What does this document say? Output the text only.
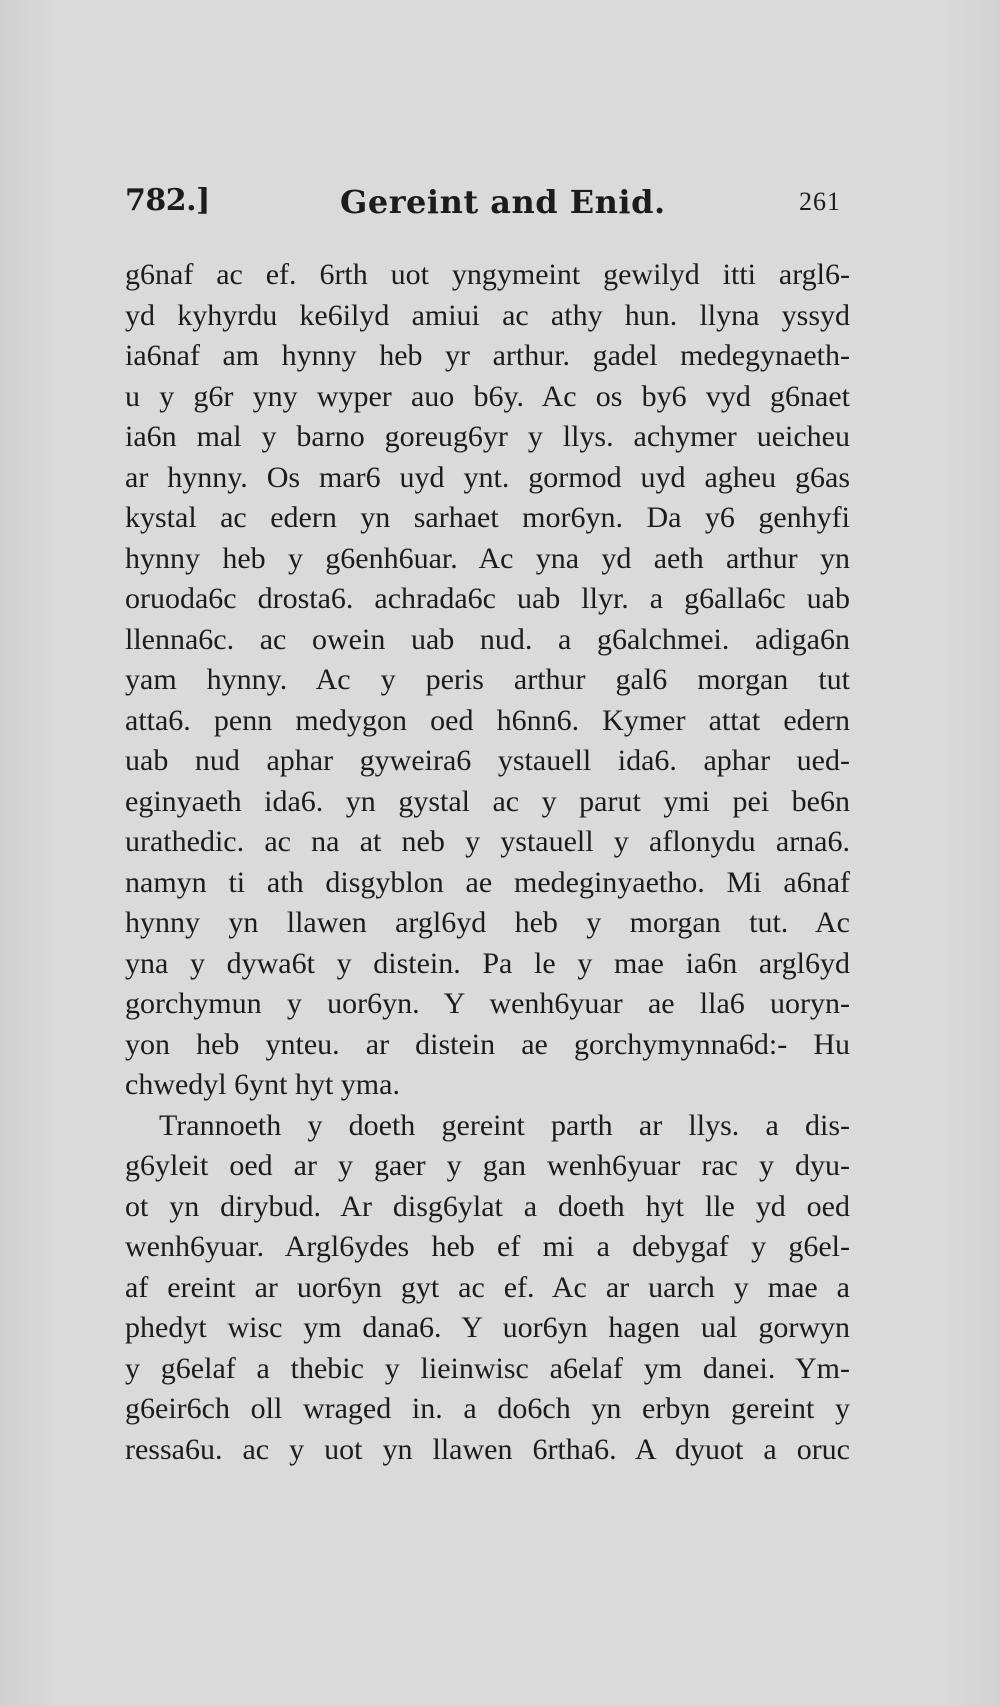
782.]	Gereint and Enid.	261
g6naf ac ef. 6rth uot yngymeint gewilyd itti argl6-
yd kyhyrdu ke6ilyd amiui ac athy hun. llyna yssyd
ia6naf am hynny heb yr arthur. gadel medegynaeth-
u y g6r yny wyper auo b6y. Ac os by6 vyd g6naet
ia6n mal y barno goreug6yr y llys. achymer ueicheu
ar hynny. Os mar6 uyd ynt. gormod uyd agheu g6as
kystal ac edern yn sarhaet mor6yn. Da y6 genhyfi
hynny heb y g6enh6uar. Ac yna yd aeth arthur yn
oruoda6c drosta6. achrada6c uab llyr. a g6alla6c uab
llenna6c. ac owein uab nud. a g6alchmei. adiga6n
yam hynny. Ac y peris arthur gal6 morgan tut
atta6. penn medygon oed h6nn6. Kymer attat edern
uab nud aphar gyweira6 ystauell ida6. aphar ued-
eginyaeth ida6. yn gystal ac y parut ymi pei be6n
urathedic. ac na at neb y ystauell y aflonydu arna6.
namyn ti ath disgyblon ae medeginyaetho. Mi a6naf
hynny yn llawen argl6yd heb y morgan tut. Ac
yna y dywa6t y distein. Pa le y mae ia6n argl6yd
gorchymun y uor6yn. Y wenh6yuar ae lla6 uoryn-
yon heb ynteu. ar distein ae gorchymynna6d:- Hu
chwedyl 6ynt hyt yma.
Trannoeth y doeth gereint parth ar llys. a dis-
g6yleit oed ar y gaer y gan wenh6yuar rac y dyu-
ot yn dirybud. Ar disg6ylat a doeth hyt lle yd oed
wenh6yuar. Argl6ydes heb ef mi a debygaf y g6el-
af ereint ar uor6yn gyt ac ef. Ac ar uarch y mae a
phedyt wisc ym dana6. Y uor6yn hagen ual gorwyn
y g6elaf a thebic y lieinwisc a6elaf ym danei. Ym-
g6eir6ch oll wraged in. a do6ch yn erbyn gereint y
ressa6u. ac y uot yn llawen 6rtha6. A dyuot a oruc
